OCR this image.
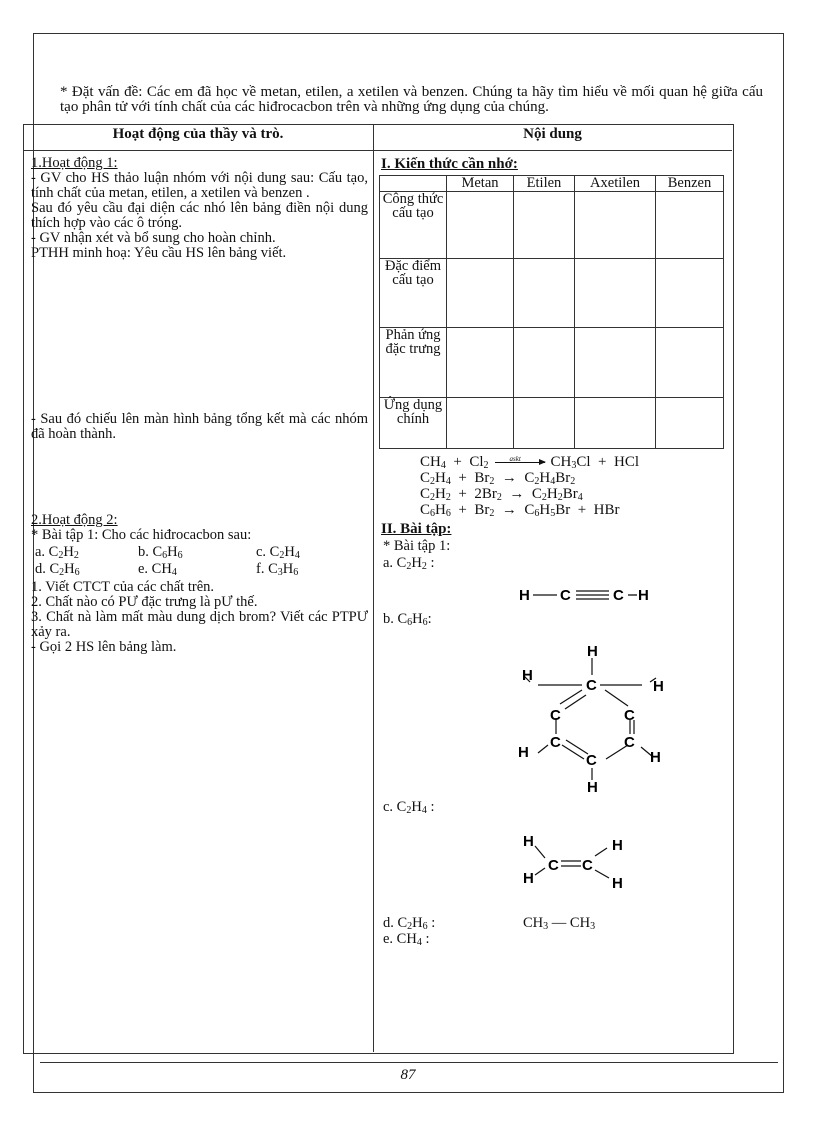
* Đặt vấn đề: Các em đã học về metan, etilen, a xetilen và benzen. Chúng ta hãy tìm hiểu về mối quan hệ giữa cấu tạo phân tử với tính chất của các hiđrocacbon trên và những ứng dụng của chúng.

Hoạt động của thầy và trò.	Nội dung

1.Hoạt động 1:

- GV cho HS thảo luận nhóm với nội dung sau: Cấu tạo, tính chất của metan, etilen, a xetilen và benzen .

Sau đó yêu cầu đại diện các nhó lên bảng điền nội dung thích hợp vào các ô tróng.

- GV nhận xét và bổ sung cho hoàn chỉnh.

PTHH minh hoạ: Yêu cầu HS lên bảng viết.

- Sau đó chiếu lên màn hình bảng tổng kết mà các nhóm đã hoàn thành.

2.Hoạt động 2:

* Bài tập 1: Cho các hiđrocacbon sau:

a. $C_2H_2$	b. $C_6H_6$	c. $C_2H_4$
d. $C_2H_6$	e. $CH_4$	f. $C_3H_6$

1. Viết CTCT của các chất trên.

2. Chất nào có PƯ đặc trưng là pƯ thế.

3. Chất nà làm mất màu dung dịch brom? Viết các PTPƯ xảy ra.

- Gọi 2 HS lên bảng làm.

I. Kiến thức cần nhớ:
	Metan	Etilen	Axetilen	Benzen
Công thức cấu tạo				
Đặc điểm cấu tạo				
Phản ứng đặc trưng				
Ứng dụng chính				
$CH_4 + Cl_2$
askt $CH_3Cl$ + HCl
$C_2H_4 + Br_2 \to C_2H_4Br_2$
$C_2H_2 + 2Br_2 \to C_2H_2Br_4$
$C_6H_6 + Br_2 \to C_6H_5Br$ + HBr
II. Bài tập:
* Bài tập 1:
a. $C_2H_2$ :
H C	C H
b. $C_6H_6$:
H
H
C	H
C	C
C	C
H	H
C
H
c. $C_2H_4$ :
H
H
C C
H
H
d. $C_2H_6$ :	$CH_3$ — $CH_3$
e. $CH_4$ :
87
